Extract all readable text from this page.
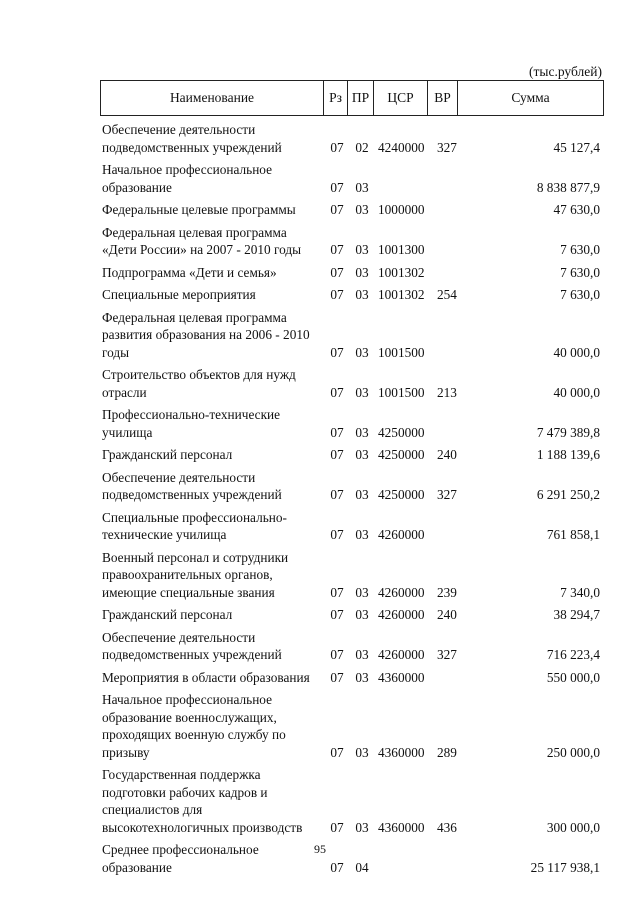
(тыс.рублей)
Наименование	Рз ПР	ЦСР	ВР	Сумма
Обеспечение деятельности подведомственных учреждений	07 02 4240000 327	45 127,4
Начальное профессиональное образование	07 03	8 838 877,9
Федеральные целевые программы	07 03 1000000	47 630,0
Федеральная целевая программа «Дети России» на 2007 - 2010 годы	07 03 1001300	7 630,0
Подпрограмма «Дети и семья»	07 03 1001302	7 630,0
Специальные мероприятия	07 03 1001302 254	7 630,0
Федеральная целевая программа развития образования на 2006 - 2010 годы	07 03 1001500	40 000,0
Строительство объектов для нужд отрасли	07 03 1001500 213	40 000,0
Профессионально-технические училища	07 03 4250000	7 479 389,8
Гражданский персонал	07 03 4250000 240	1 188 139,6
Обеспечение деятельности подведомственных учреждений	07 03 4250000 327	6 291 250,2
Специальные профессионально-технические училища	07 03 4260000	761 858,1
Военный персонал и сотрудники правоохранительных органов, имеющие специальные звания	07 03 4260000 239	7 340,0
Гражданский персонал	07 03 4260000 240	38 294,7
Обеспечение деятельности подведомственных учреждений	07 03 4260000 327	716 223,4
Мероприятия в области образования	07 03 4360000	550 000,0
Начальное профессиональное образование военнослужащих, проходящих военную службу по призыву	07 03 4360000 289	250 000,0
Государственная поддержка подготовки рабочих кадров и специалистов для высокотехнологичных производств	07 03 4360000 436	300 000,0
Среднее профессиональное образование	07 04	25 117 938,1
95
